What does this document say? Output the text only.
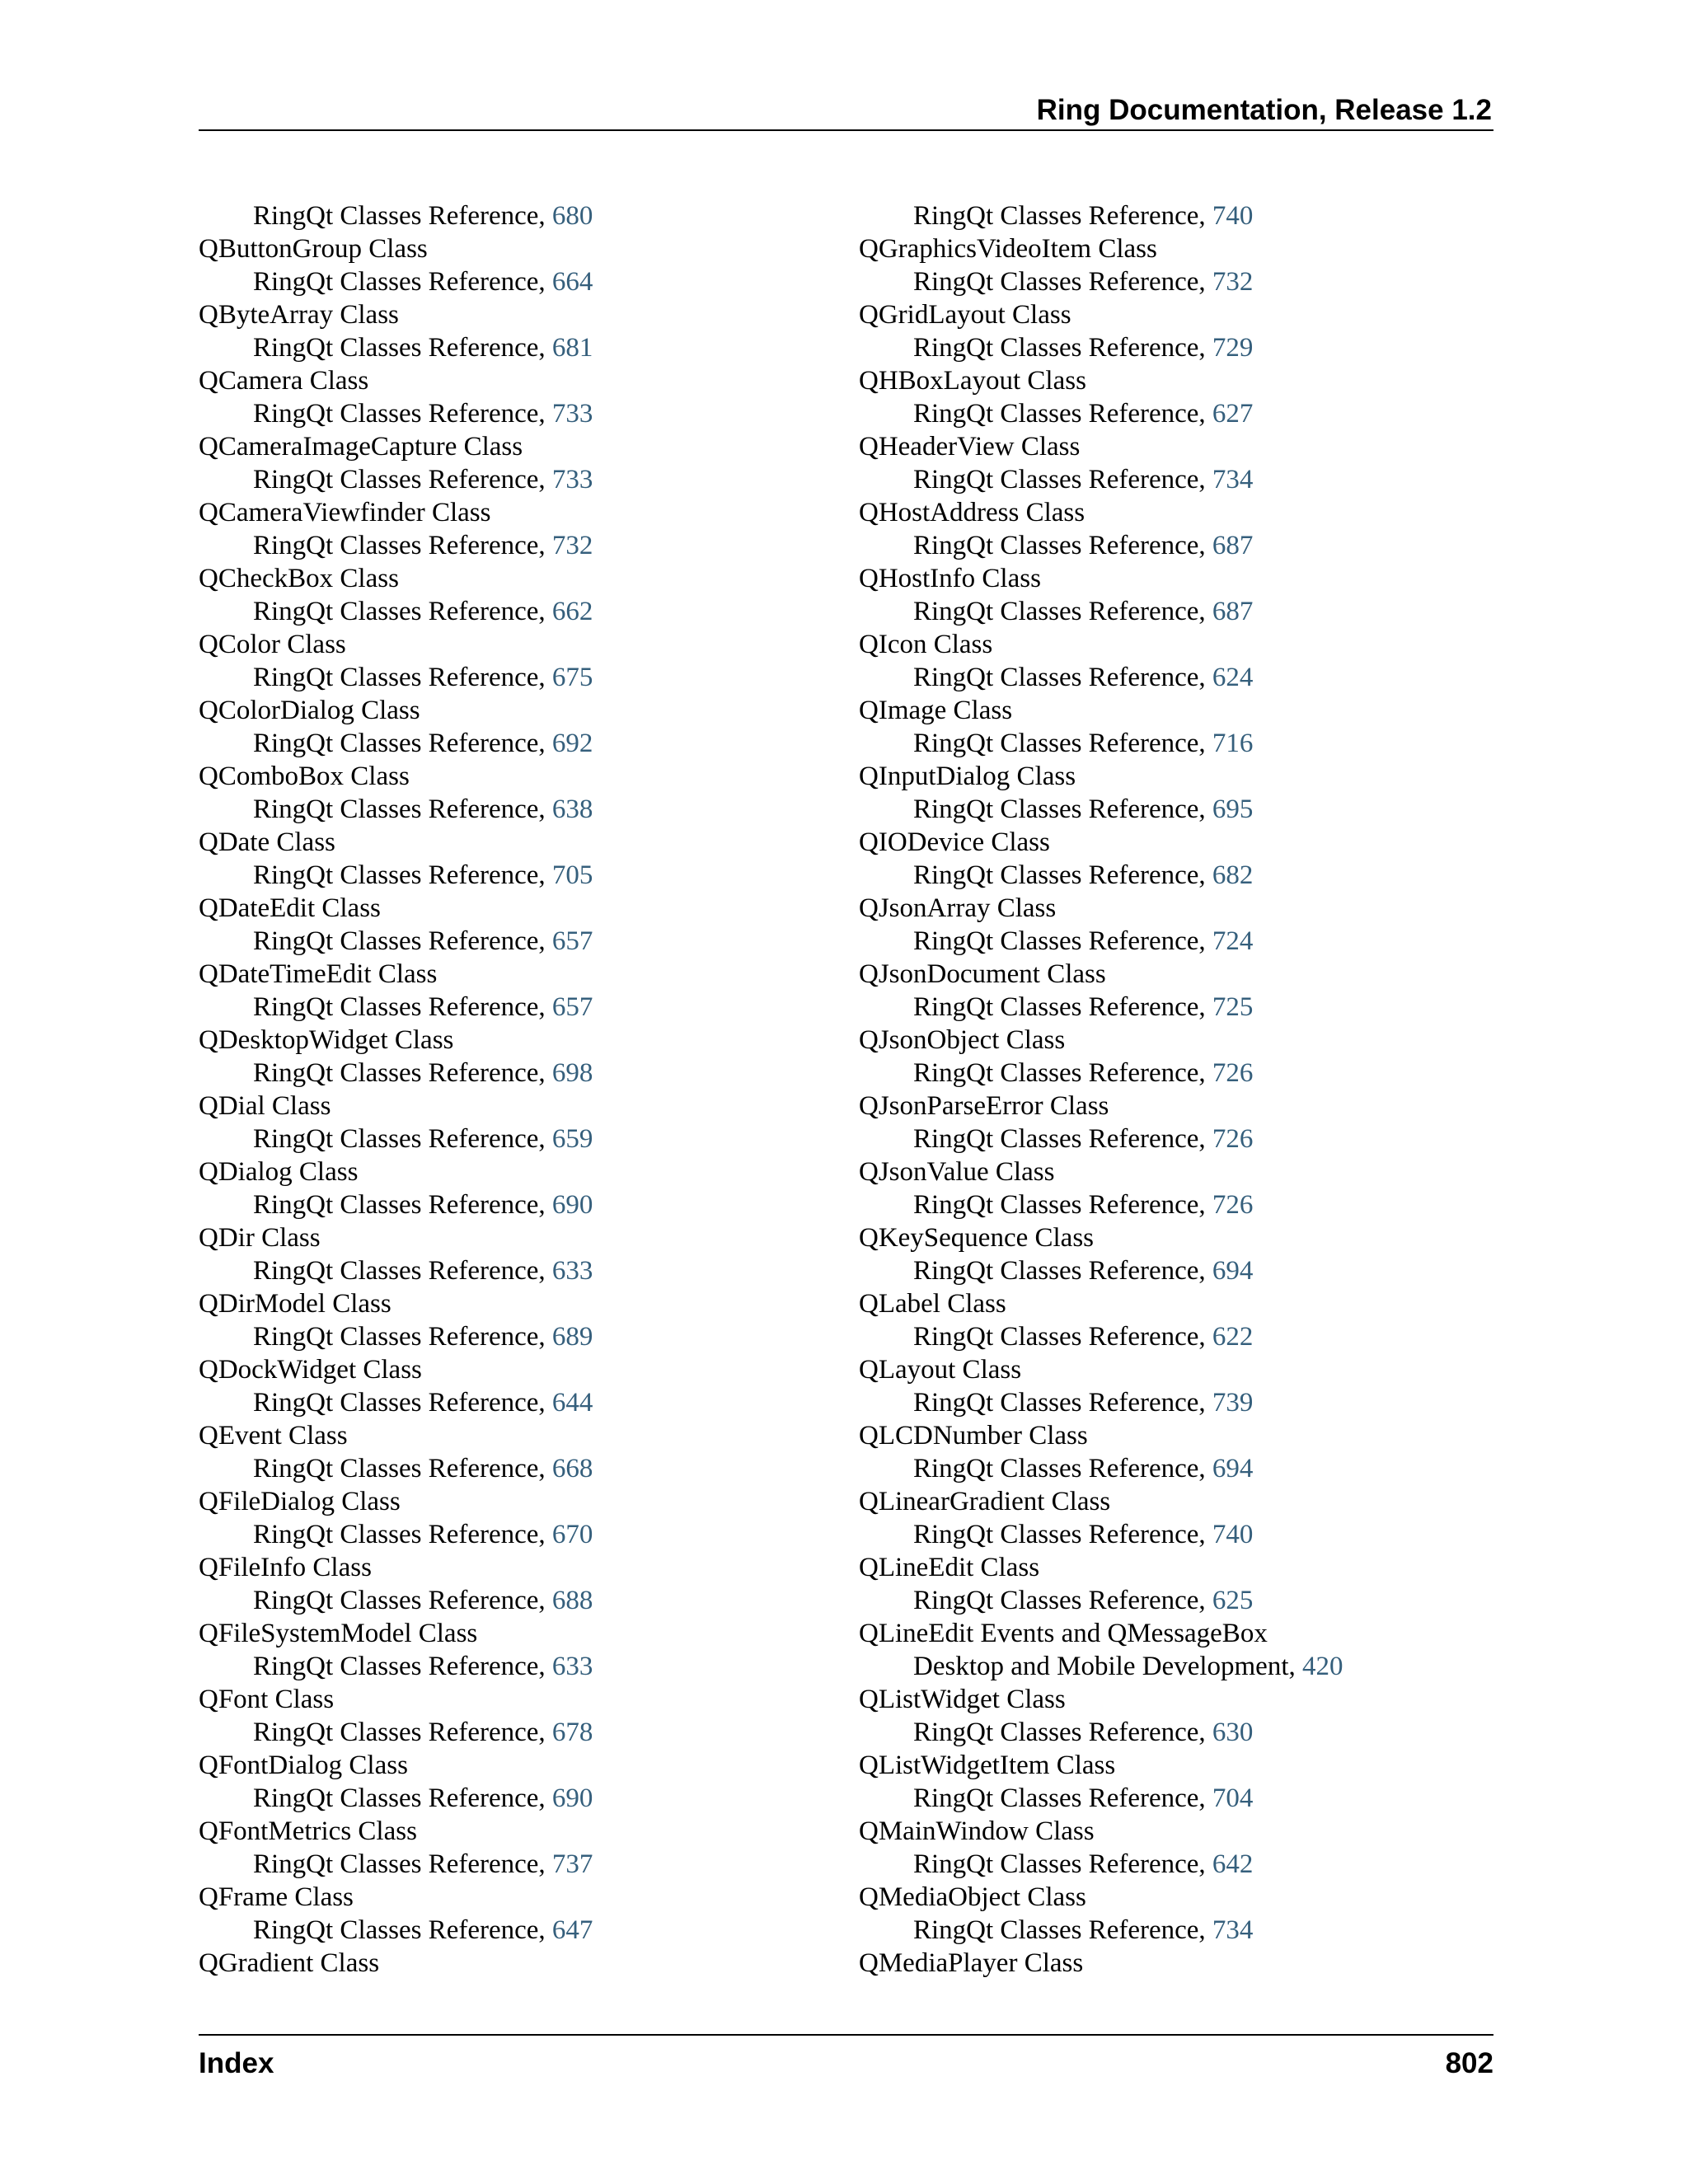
Ring Documentation, Release 1.2
RingQt Classes Reference, 680
QButtonGroup Class
RingQt Classes Reference, 664
QByteArray Class
RingQt Classes Reference, 681
QCamera Class
RingQt Classes Reference, 733
QCameraImageCapture Class
RingQt Classes Reference, 733
QCameraViewfinder Class
RingQt Classes Reference, 732
QCheckBox Class
RingQt Classes Reference, 662
QColor Class
RingQt Classes Reference, 675
QColorDialog Class
RingQt Classes Reference, 692
QComboBox Class
RingQt Classes Reference, 638
QDate Class
RingQt Classes Reference, 705
QDateEdit Class
RingQt Classes Reference, 657
QDateTimeEdit Class
RingQt Classes Reference, 657
QDesktopWidget Class
RingQt Classes Reference, 698
QDial Class
RingQt Classes Reference, 659
QDialog Class
RingQt Classes Reference, 690
QDir Class
RingQt Classes Reference, 633
QDirModel Class
RingQt Classes Reference, 689
QDockWidget Class
RingQt Classes Reference, 644
QEvent Class
RingQt Classes Reference, 668
QFileDialog Class
RingQt Classes Reference, 670
QFileInfo Class
RingQt Classes Reference, 688
QFileSystemModel Class
RingQt Classes Reference, 633
QFont Class
RingQt Classes Reference, 678
QFontDialog Class
RingQt Classes Reference, 690
QFontMetrics Class
RingQt Classes Reference, 737
QFrame Class
RingQt Classes Reference, 647
QGradient Class
RingQt Classes Reference, 740
QGraphicsVideoItem Class
RingQt Classes Reference, 732
QGridLayout Class
RingQt Classes Reference, 729
QHBoxLayout Class
RingQt Classes Reference, 627
QHeaderView Class
RingQt Classes Reference, 734
QHostAddress Class
RingQt Classes Reference, 687
QHostInfo Class
RingQt Classes Reference, 687
QIcon Class
RingQt Classes Reference, 624
QImage Class
RingQt Classes Reference, 716
QInputDialog Class
RingQt Classes Reference, 695
QIODevice Class
RingQt Classes Reference, 682
QJsonArray Class
RingQt Classes Reference, 724
QJsonDocument Class
RingQt Classes Reference, 725
QJsonObject Class
RingQt Classes Reference, 726
QJsonParseError Class
RingQt Classes Reference, 726
QJsonValue Class
RingQt Classes Reference, 726
QKeySequence Class
RingQt Classes Reference, 694
QLabel Class
RingQt Classes Reference, 622
QLayout Class
RingQt Classes Reference, 739
QLCDNumber Class
RingQt Classes Reference, 694
QLinearGradient Class
RingQt Classes Reference, 740
QLineEdit Class
RingQt Classes Reference, 625
QLineEdit Events and QMessageBox
Desktop and Mobile Development, 420
QListWidget Class
RingQt Classes Reference, 630
QListWidgetItem Class
RingQt Classes Reference, 704
QMainWindow Class
RingQt Classes Reference, 642
QMediaObject Class
RingQt Classes Reference, 734
QMediaPlayer Class
Index	802
